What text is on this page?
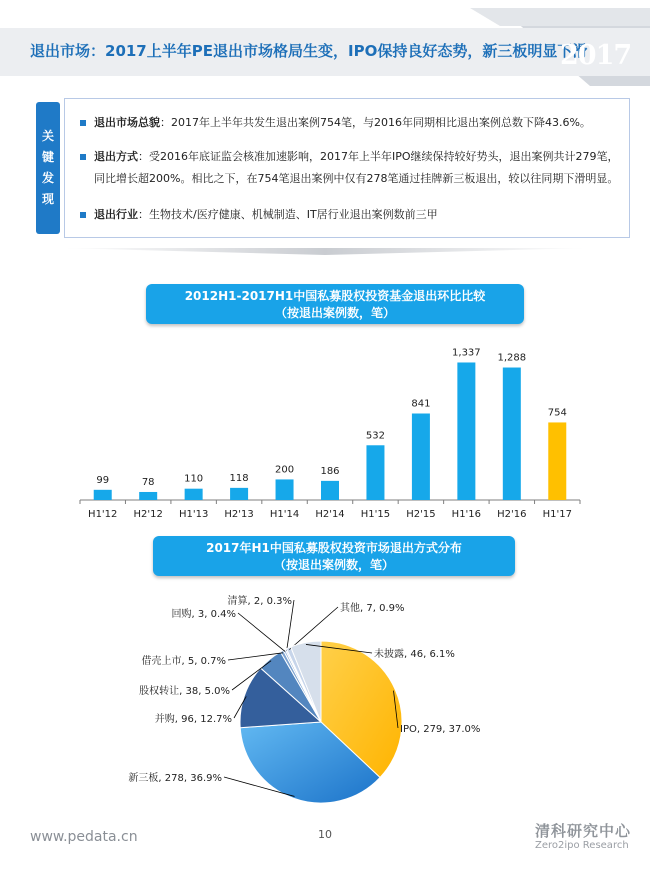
退出市场：2017上半年PE退出市场格局生变，IPO保持良好态势，新三板明显下滑
2017
关
键
发
现
退出市场总貌：2017年上半年共发生退出案例754笔，与2016年同期相比退出案例总数下降43.6%。
退出方式：受2016年底证监会核准加速影响，2017年上半年IPO继续保持较好势头，退出案例共计279笔，同比增长超200%。相比之下，在754笔退出案例中仅有278笔通过挂牌新三板退出，较以往同期下滑明显。
退出行业：生物技术/医疗健康、机械制造、IT居行业退出案例数前三甲
2012H1-2017H1中国私募股权投资基金退出环比比较
（按退出案例数，笔）
2017年H1中国私募股权投资市场退出方式分布
（按退出案例数，笔）
99
H1'12
78
H2'12
110
H1'13
118
H2'13
200
H1'14
186
H2'14
532
H1'15
841
H2'15
1,337
H1'16
1,288
H2'16
754
H1'17
IPO, 279, 37.0%
新三板, 278, 36.9%
并购, 96, 12.7%
股权转让, 38, 5.0%
借壳上市, 5, 0.7%
回购, 3, 0.4%
清算, 2, 0.3%
其他, 7, 0.9%
未披露, 46, 6.1%
www.pedata.cn	10	清科研究中心
Zero2ipo Research
